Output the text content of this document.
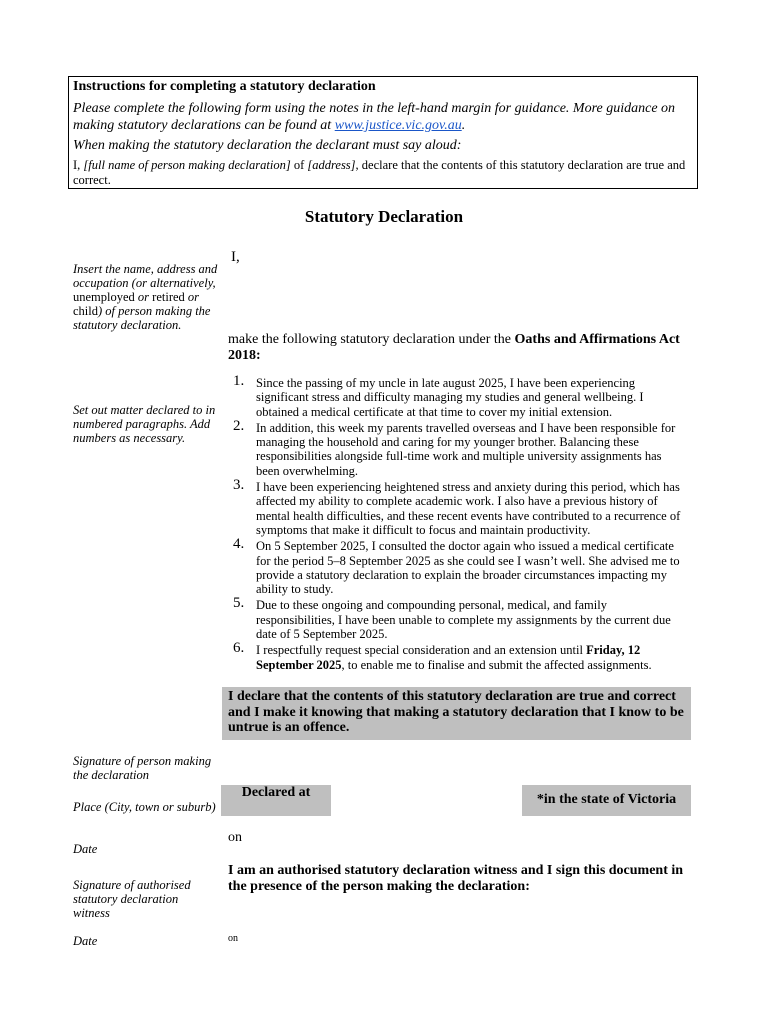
Instructions for completing a statutory declaration
Please complete the following form using the notes in the left-hand margin for guidance. More guidance on making statutory declarations can be found at www.justice.vic.gov.au.
When making the statutory declaration the declarant must say aloud:
I, [full name of person making declaration] of [address], declare that the contents of this statutory declaration are true and correct.
Statutory Declaration
Insert the name, address and occupation (or alternatively, unemployed or retired or child) of person making the statutory declaration.
Set out matter declared to in numbered paragraphs. Add numbers as necessary.
Signature of person making the declaration
Place (City, town or suburb)
Date
Signature of authorised statutory declaration witness
Date
I,
make the following statutory declaration under the Oaths and Affirmations Act 2018:
1. Since the passing of my uncle in late august 2025, I have been experiencing significant stress and difficulty managing my studies and general wellbeing. I obtained a medical certificate at that time to cover my initial extension.
2. In addition, this week my parents travelled overseas and I have been responsible for managing the household and caring for my younger brother. Balancing these responsibilities alongside full-time work and multiple university assignments has been overwhelming.
3. I have been experiencing heightened stress and anxiety during this period, which has affected my ability to complete academic work. I also have a previous history of mental health difficulties, and these recent events have contributed to a recurrence of symptoms that make it difficult to focus and maintain productivity.
4. On 5 September 2025, I consulted the doctor again who issued a medical certificate for the period 5–8 September 2025 as she could see I wasn’t well. She advised me to provide a statutory declaration to explain the broader circumstances impacting my ability to study.
5. Due to these ongoing and compounding personal, medical, and family responsibilities, I have been unable to complete my assignments by the current due date of 5 September 2025.
6. I respectfully request special consideration and an extension until Friday, 12 September 2025, to enable me to finalise and submit the affected assignments.
I declare that the contents of this statutory declaration are true and correct and I make it knowing that making a statutory declaration that I know to be untrue is an offence.
Declared at	*in the state of Victoria
on
I am an authorised statutory declaration witness and I sign this document in the presence of the person making the declaration:
on
